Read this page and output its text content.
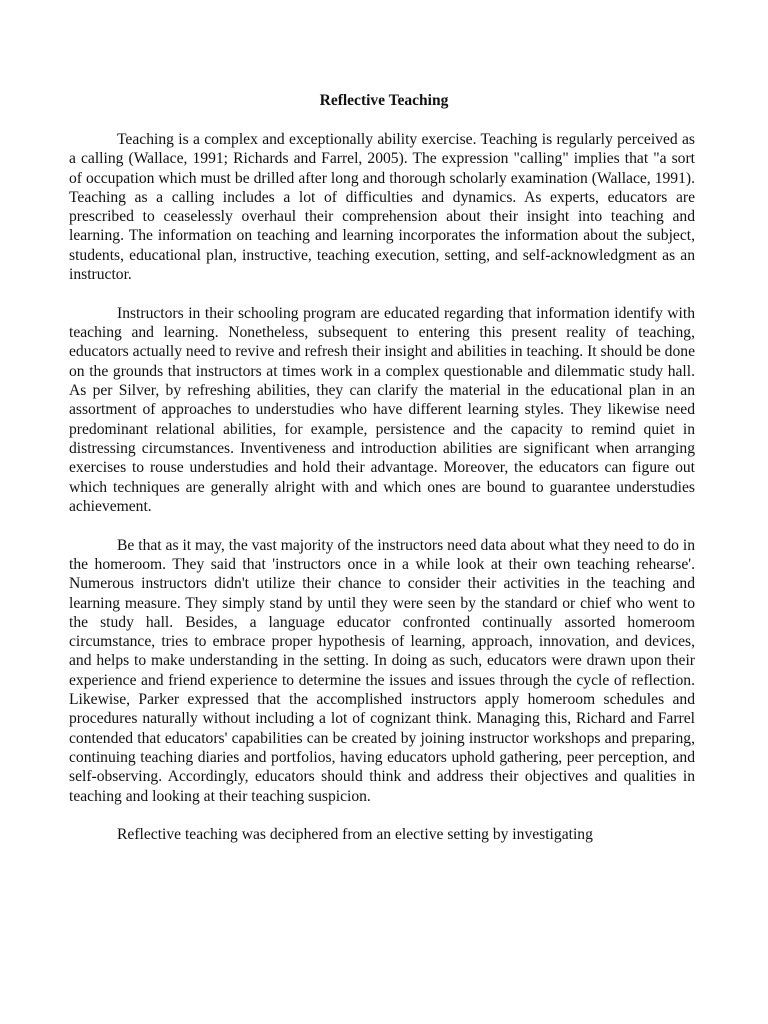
Reflective Teaching

Teaching is a complex and exceptionally ability exercise. Teaching is regularly perceived as a calling (Wallace, 1991; Richards and Farrel, 2005). The expression "calling" implies that "a sort of occupation which must be drilled after long and thorough scholarly examination (Wallace, 1991). Teaching as a calling includes a lot of difficulties and dynamics. As experts, educators are prescribed to ceaselessly overhaul their comprehension about their insight into teaching and learning. The information on teaching and learning incorporates the information about the subject, students, educational plan, instructive, teaching execution, setting, and self-acknowledgment as an instructor.

Instructors in their schooling program are educated regarding that information identify with teaching and learning. Nonetheless, subsequent to entering this present reality of teaching, educators actually need to revive and refresh their insight and abilities in teaching. It should be done on the grounds that instructors at times work in a complex questionable and dilemmatic study hall. As per Silver, by refreshing abilities, they can clarify the material in the educational plan in an assortment of approaches to understudies who have different learning styles. They likewise need predominant relational abilities, for example, persistence and the capacity to remind quiet in distressing circumstances. Inventiveness and introduction abilities are significant when arranging exercises to rouse understudies and hold their advantage. Moreover, the educators can figure out which techniques are generally alright with and which ones are bound to guarantee understudies achievement.

Be that as it may, the vast majority of the instructors need data about what they need to do in the homeroom. They said that 'instructors once in a while look at their own teaching rehearse'. Numerous instructors didn't utilize their chance to consider their activities in the teaching and learning measure. They simply stand by until they were seen by the standard or chief who went to the study hall. Besides, a language educator confronted continually assorted homeroom circumstance, tries to embrace proper hypothesis of learning, approach, innovation, and devices, and helps to make understanding in the setting. In doing as such, educators were drawn upon their experience and friend experience to determine the issues and issues through the cycle of reflection. Likewise, Parker expressed that the accomplished instructors apply homeroom schedules and procedures naturally without including a lot of cognizant think. Managing this, Richard and Farrel contended that educators' capabilities can be created by joining instructor workshops and preparing, continuing teaching diaries and portfolios, having educators uphold gathering, peer perception, and self-observing. Accordingly, educators should think and address their objectives and qualities in teaching and looking at their teaching suspicion.

Reflective teaching was deciphered from an elective setting by investigating
